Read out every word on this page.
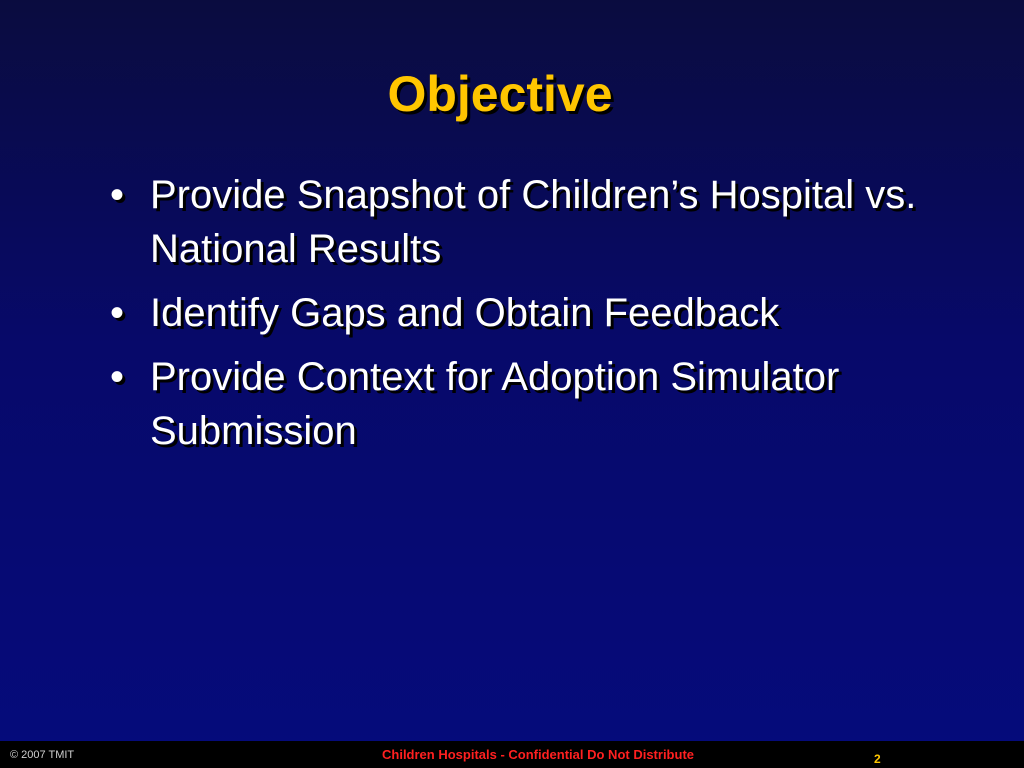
Objective
• Provide Snapshot of Children’s Hospital vs. National Results
• Identify Gaps and Obtain Feedback
• Provide Context for Adoption Simulator Submission
© 2007 TMIT	Children Hospitals - Confidential Do Not Distribute	2
